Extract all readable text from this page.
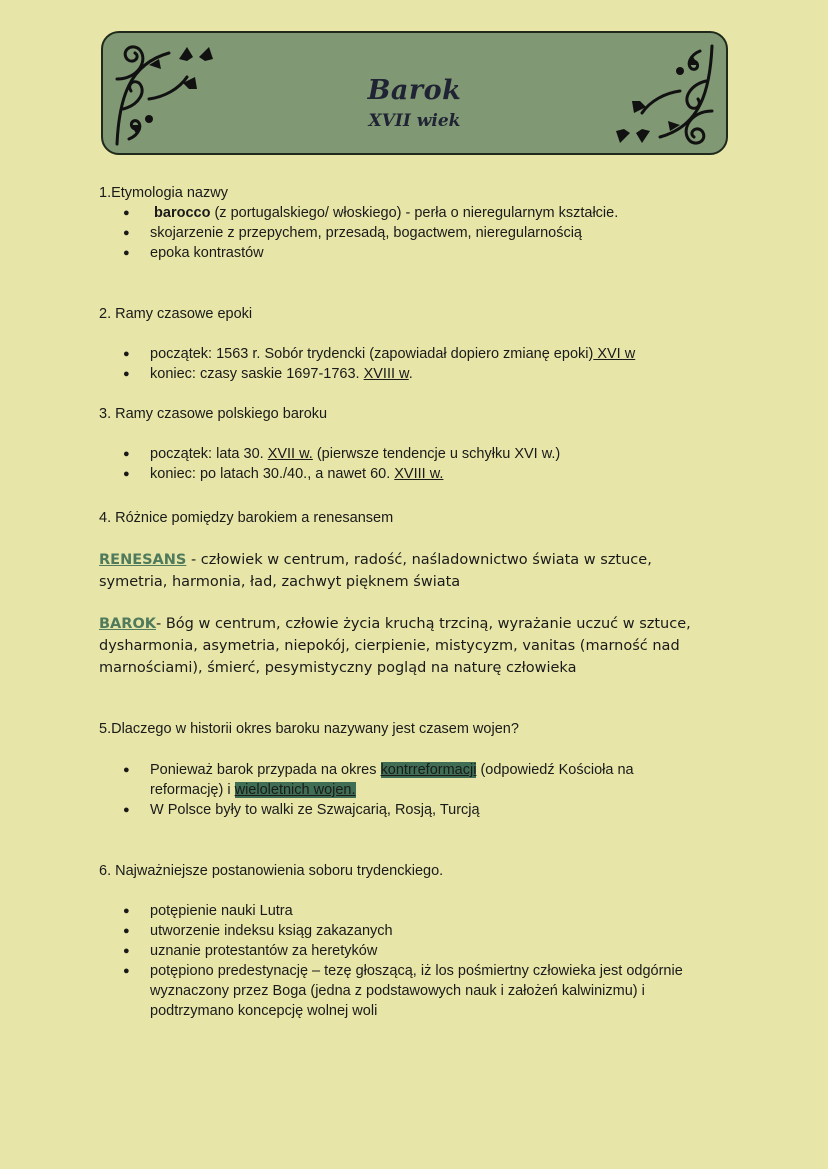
Barok
XVII wiek
1.Etymologia nazwy
● barocco (z portugalskiego/ włoskiego) - perła o nieregularnym kształcie.
● skojarzenie z przepychem, przesadą, bogactwem, nieregularnością
● epoka kontrastów
2. Ramy czasowe epoki
● początek: 1563 r. Sobór trydencki (zapowiadał dopiero zmianę epoki) XVI w
● koniec: czasy saskie 1697-1763. XVIII w.
3. Ramy czasowe polskiego baroku
● początek: lata 30. XVII w. (pierwsze tendencje u schyłku XVI w.)
● koniec: po latach 30./40., a nawet 60. XVIII w.
4. Różnice pomiędzy barokiem a renesansem
RENESANS - człowiek w centrum, radość, naśladownictwo świata w sztuce, symetria, harmonia, ład, zachwyt pięknem świata
BAROK- Bóg w centrum, człowie życia kruchą trzciną, wyrażanie uczuć w sztuce, dysharmonia, asymetria, niepokój, cierpienie, mistycyzm, vanitas (marność nad marnościami), śmierć, pesymistyczny pogląd na naturę człowieka
5.Dlaczego w historii okres baroku nazywany jest czasem wojen?
● Ponieważ barok przypada na okres kontrreformacji (odpowiedź Kościoła na reformację) i wieloletnich wojen.
● W Polsce były to walki ze Szwajcarią, Rosją, Turcją
6. Najważniejsze postanowienia soboru trydenckiego.
● potępienie nauki Lutra
● utworzenie indeksu ksiąg zakazanych
● uznanie protestantów za heretyków
● potępiono predestynację – tezę głoszącą, iż los pośmiertny człowieka jest odgórnie wyznaczony przez Boga (jedna z podstawowych nauk i założeń kalwinizmu) i podtrzymano koncepcję wolnej woli
